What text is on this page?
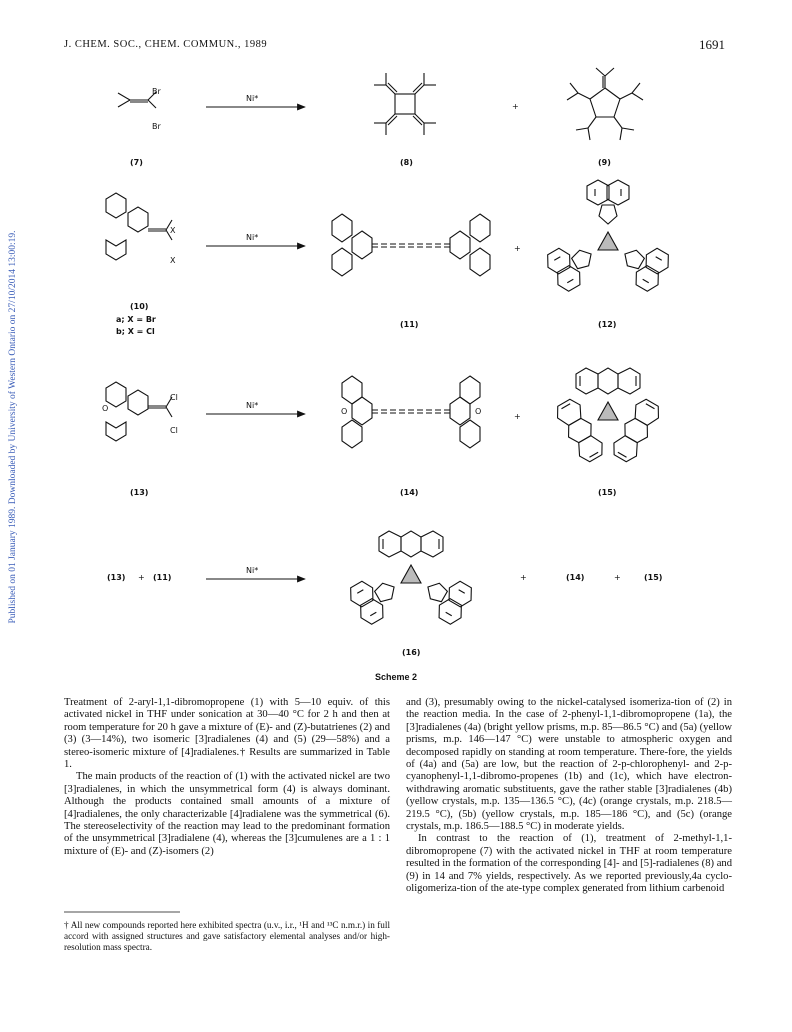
J. CHEM. SOC., CHEM. COMMUN., 1989	1691
Published on 01 January 1989. Downloaded by University of Western Ontario on 27/10/2014 13:00:19.
Br
Br
Ni*
(7)	(8)
+
(9)
X
X
Ni*
(10)
a; X = Br
b; X = Cl
(11)
+
(12)
Cl
Cl
O	Ni*
(13)
O	O
(14)
+
(15)
(13) + (11)
Ni*
(16)
+	(14)	+	(15)
Scheme 2

Treatment of 2-aryl-1,1-dibromopropene (1) with 5—10 equiv. of this activated nickel in THF under sonication at 30—40 °C for 2 h and then at room temperature for 20 h gave a mixture of (E)- and (Z)-butatrienes (2) and (3) (3—14%), two isomeric [3]radialenes (4) and (5) (29—58%) and a stereo-isomeric mixture of [4]radialenes.† Results are summarized in Table 1.

The main products of the reaction of (1) with the activated nickel are two [3]radialenes, in which the unsymmetrical form (4) is always dominant. Although the products contained small amounts of a mixture of [4]radialenes, the only characterizable [4]radialene was the symmetrical (6). The stereoselectivity of the reaction may lead to the predominant formation of the unsymmetrical [3]radialene (4), whereas the [3]cumulenes are a 1 : 1 mixture of (E)- and (Z)-isomers (2)

† All new compounds reported here exhibited spectra (u.v., i.r., ¹H and ¹³C n.m.r.) in full accord with assigned structures and gave satisfactory elemental analyses and/or high-resolution mass spectra.

and (3), presumably owing to the nickel-catalysed isomeriza-tion of (2) in the reaction media. In the case of 2-phenyl-1,1-dibromopropene (1a), the [3]radialenes (4a) (bright yellow prisms, m.p. 85—86.5 °C) and (5a) (yellow prisms, m.p. 146—147 °C) were unstable to atmospheric oxygen and decomposed rapidly on standing at room temperature. There-fore, the yields of (4a) and (5a) are low, but the reaction of 2-p-chlorophenyl- and 2-p-cyanophenyl-1,1-dibromo-propenes (1b) and (1c), which have electron-withdrawing aromatic substituents, gave the rather stable [3]radialenes (4b) (yellow crystals, m.p. 135—136.5 °C), (4c) (orange crystals, m.p. 218.5—219.5 °C), (5b) (yellow crystals, m.p. 185—186 °C), and (5c) (orange crystals, m.p. 186.5—188.5 °C) in moderate yields.

In contrast to the reaction of (1), treatment of 2-methyl-1,1-dibromopropene (7) with the activated nickel in THF at room temperature resulted in the formation of the corresponding [4]- and [5]-radialenes (8) and (9) in 14 and 7% yields, respectively. As we reported previously,4a cyclo-oligomeriza-tion of the ate-type complex generated from lithium carbenoid
